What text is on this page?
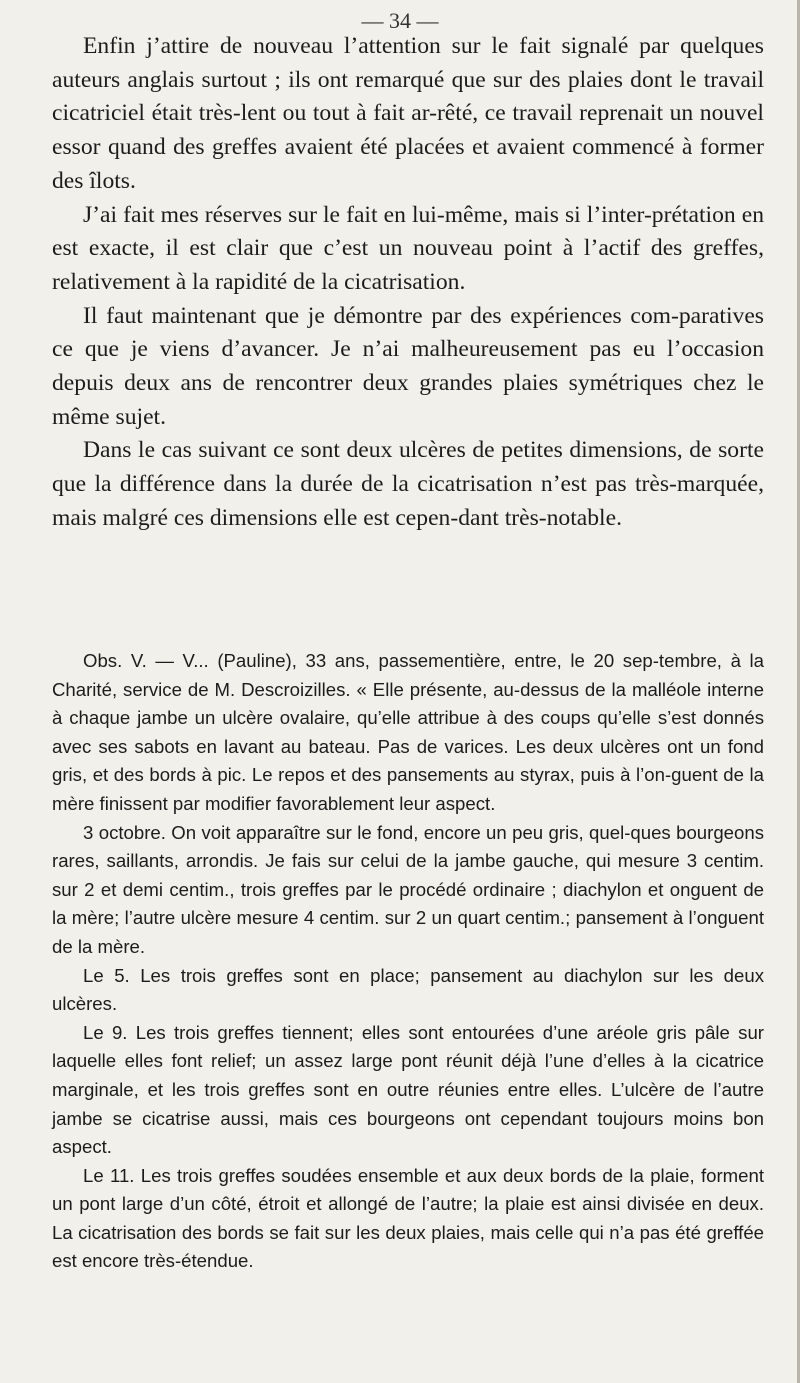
— 34 —

Enfin j’attire de nouveau l’attention sur le fait signalé par quelques auteurs anglais surtout ; ils ont remarqué que sur des plaies dont le travail cicatriciel était très-lent ou tout à fait ar-rêté, ce travail reprenait un nouvel essor quand des greffes avaient été placées et avaient commencé à former des îlots.

J’ai fait mes réserves sur le fait en lui-même, mais si l’inter-prétation en est exacte, il est clair que c’est un nouveau point à l’actif des greffes, relativement à la rapidité de la cicatrisation.

Il faut maintenant que je démontre par des expériences com-paratives ce que je viens d’avancer. Je n’ai malheureusement pas eu l’occasion depuis deux ans de rencontrer deux grandes plaies symétriques chez le même sujet.

Dans le cas suivant ce sont deux ulcères de petites dimensions, de sorte que la différence dans la durée de la cicatrisation n’est pas très-marquée, mais malgré ces dimensions elle est cepen-dant très-notable.

Obs. V. — V... (Pauline), 33 ans, passementière, entre, le 20 sep-tembre, à la Charité, service de M. Descroizilles. « Elle présente, au-dessus de la malléole interne à chaque jambe un ulcère ovalaire, qu’elle attribue à des coups qu’elle s’est donnés avec ses sabots en lavant au bateau. Pas de varices. Les deux ulcères ont un fond gris, et des bords à pic. Le repos et des pansements au styrax, puis à l’on-guent de la mère finissent par modifier favorablement leur aspect.

3 octobre. On voit apparaître sur le fond, encore un peu gris, quel-ques bourgeons rares, saillants, arrondis. Je fais sur celui de la jambe gauche, qui mesure 3 centim. sur 2 et demi centim., trois greffes par le procédé ordinaire ; diachylon et onguent de la mère; l’autre ulcère mesure 4 centim. sur 2 un quart centim.; pansement à l’onguent de la mère.

Le 5. Les trois greffes sont en place; pansement au diachylon sur les deux ulcères.

Le 9. Les trois greffes tiennent; elles sont entourées d’une aréole gris pâle sur laquelle elles font relief; un assez large pont réunit déjà l’une d’elles à la cicatrice marginale, et les trois greffes sont en outre réunies entre elles. L’ulcère de l’autre jambe se cicatrise aussi, mais ces bourgeons ont cependant toujours moins bon aspect.

Le 11. Les trois greffes soudées ensemble et aux deux bords de la plaie, forment un pont large d’un côté, étroit et allongé de l’autre; la plaie est ainsi divisée en deux. La cicatrisation des bords se fait sur les deux plaies, mais celle qui n’a pas été greffée est encore très-étendue.
